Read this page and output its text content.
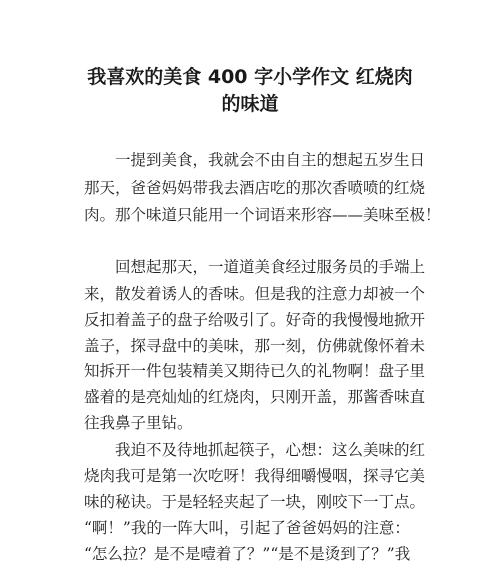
我喜欢的美食 400 字小学作文 红烧肉
的味道
一提到美食，我就会不由自主的想起五岁生日
那天，爸爸妈妈带我去酒店吃的那次香喷喷的红烧
肉。那个味道只能用一个词语来形容——美味至极！
回想起那天，一道道美食经过服务员的手端上
来，散发着诱人的香味。但是我的注意力却被一个
反扣着盖子的盘子给吸引了。好奇的我慢慢地掀开
盖子，探寻盘中的美味，那一刻，仿佛就像怀着未
知拆开一件包装精美又期待已久的礼物啊！盘子里
盛着的是亮灿灿的红烧肉，只刚开盖，那酱香味直
往我鼻子里钻。
我迫不及待地抓起筷子，心想：这么美味的红
烧肉我可是第一次吃呀！我得细嚼慢咽，探寻它美
味的秘诀。于是轻轻夹起了一块，刚咬下一丁点。
“啊！”我的一阵大叫，引起了爸爸妈妈的注意：
“怎么拉？是不是噎着了？”“是不是烫到了？”我
